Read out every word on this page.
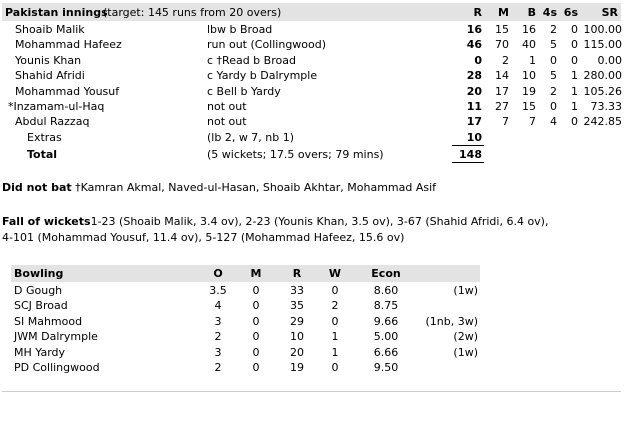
Pakistan innings
(target: 145 runs from 20 overs)	R	M	B 4s 6s	SR
Shoaib Malik	lbw b Broad	16	15	16	2	0 100.00
Mohammad Hafeez	run out (Collingwood)	46	70	40	5	0 115.00
Younis Khan	c †Read b Broad	0	2	1	0	0	0.00
Shahid Afridi	c Yardy b Dalrymple	28	14	10	5	1 280.00
Mohammad Yousuf	c Bell b Yardy	20	17	19	2	1 105.26
*Inzamam-ul-Haq	not out	11	27	15	0	1	73.33
Abdul Razzaq	not out	17	7	7	4	0 242.85
Extras	(lb 2, w 7, nb 1)	10
Total	(5 wickets; 17.5 overs; 79 mins)	148
Did not bat †Kamran Akmal, Naved-ul-Hasan, Shoaib Akhtar, Mohammad Asif
Fall of wickets1-23 (Shoaib Malik, 3.4 ov), 2-23 (Younis Khan, 3.5 ov), 3-67 (Shahid Afridi, 6.4 ov),
4-101 (Mohammad Yousuf, 11.4 ov), 5-127 (Mohammad Hafeez, 15.6 ov)
Bowling	O	M	R	W	Econ
D Gough	3.5	0	33	0	8.60	(1w)
SCJ Broad	4	0	35	2	8.75
SI Mahmood	3	0	29	0	9.66	(1nb, 3w)
JWM Dalrymple	2	0	10	1	5.00	(2w)
MH Yardy	3	0	20	1	6.66	(1w)
PD Collingwood	2	0	19	0	9.50
